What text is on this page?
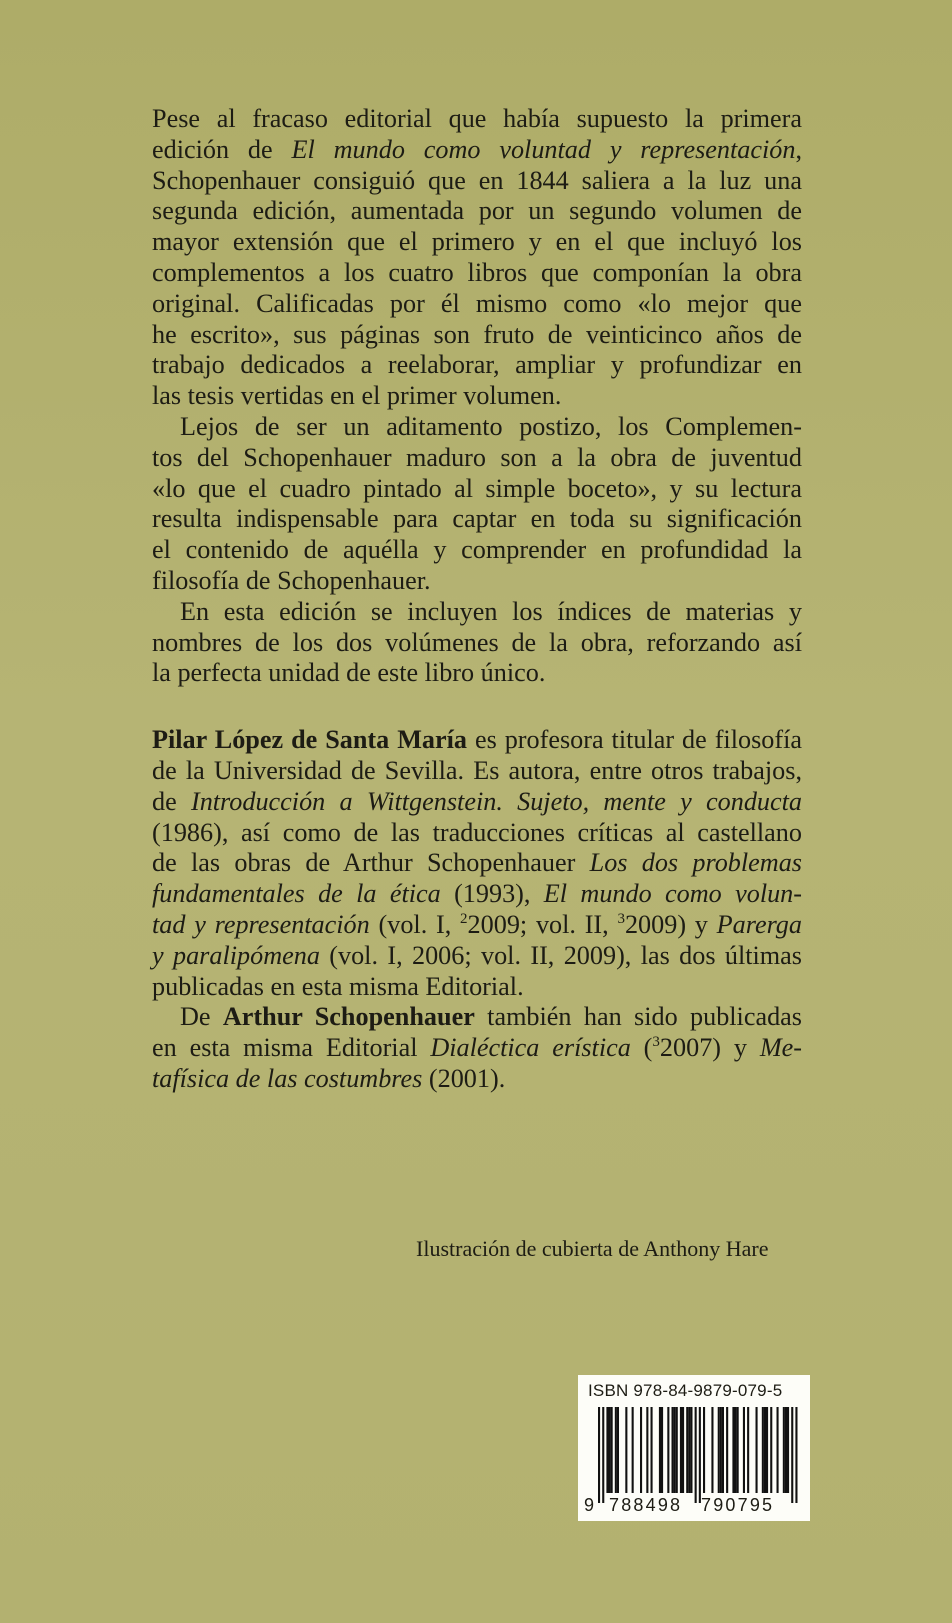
Pese al fracaso editorial que había supuesto la primera
edición de El mundo como voluntad y representación,
Schopenhauer consiguió que en 1844 saliera a la luz una
segunda edición, aumentada por un segundo volumen de
mayor extensión que el primero y en el que incluyó los
complementos a los cuatro libros que componían la obra
original. Calificadas por él mismo como «lo mejor que
he escrito», sus páginas son fruto de veinticinco años de
trabajo dedicados a reelaborar, ampliar y profundizar en
las tesis vertidas en el primer volumen.
Lejos de ser un aditamento postizo, los Complemen-
tos del Schopenhauer maduro son a la obra de juventud
«lo que el cuadro pintado al simple boceto», y su lectura
resulta indispensable para captar en toda su significación
el contenido de aquélla y comprender en profundidad la
filosofía de Schopenhauer.
En esta edición se incluyen los índices de materias y
nombres de los dos volúmenes de la obra, reforzando así
la perfecta unidad de este libro único.
Pilar López de Santa María es profesora titular de filosofía
de la Universidad de Sevilla. Es autora, entre otros trabajos,
de Introducción a Wittgenstein. Sujeto, mente y conducta
(1986), así como de las traducciones críticas al castellano
de las obras de Arthur Schopenhauer Los dos problemas
fundamentales de la ética (1993), El mundo como volun-
tad y representación (vol. I, $^2$2009; vol. II, $^3$2009) y Parerga
y paralipómena (vol. I, 2006; vol. II, 2009), las dos últimas
publicadas en esta misma Editorial.
De Arthur Schopenhauer también han sido publicadas
en esta misma Editorial Dialéctica erística ($^3$2007) y Me-
tafísica de las costumbres (2001).
Ilustración de cubierta de Anthony Hare
ISBN 978-84-9879-079-5
9 788498 790795
